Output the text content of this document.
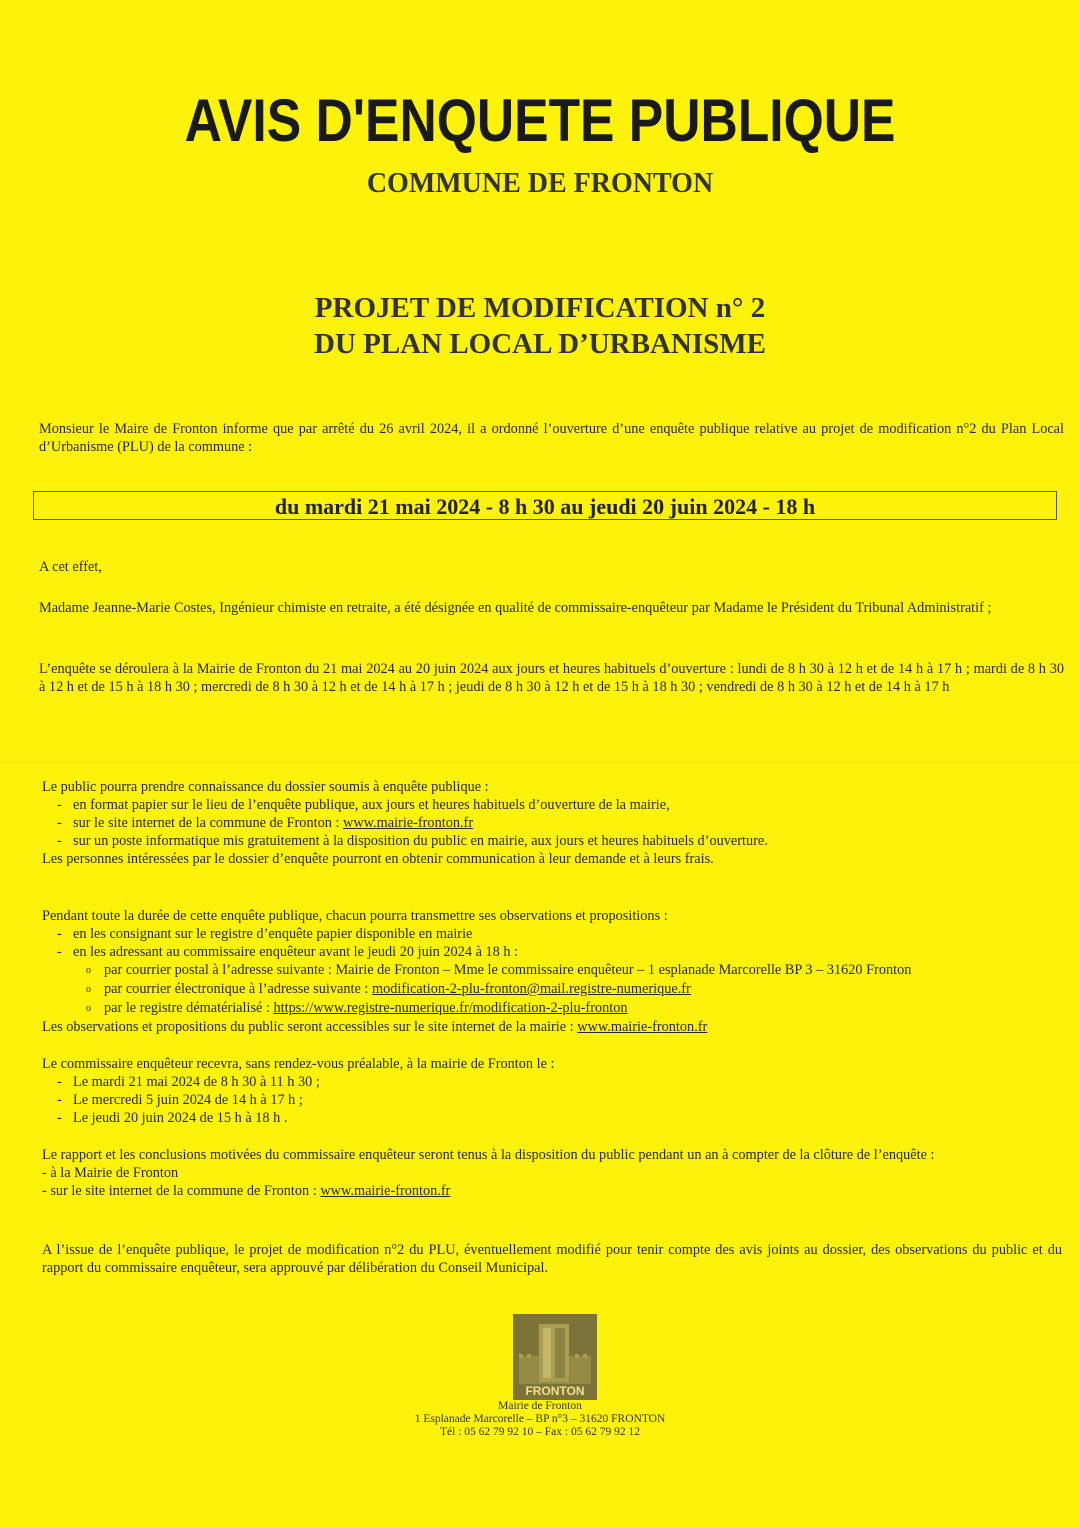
AVIS D'ENQUETE PUBLIQUE
COMMUNE DE FRONTON
PROJET DE MODIFICATION n° 2
DU PLAN LOCAL D’URBANISME
Monsieur le Maire de Fronton informe que par arrêté du 26 avril 2024, il a ordonné l’ouverture d’une enquête publique relative au projet de modification n°2 du Plan Local d’Urbanisme (PLU) de la commune :
du mardi 21 mai 2024 - 8 h 30 au jeudi 20 juin 2024 - 18 h
A cet effet,
Madame Jeanne-Marie Costes, Ingénieur chimiste en retraite, a été désignée en qualité de commissaire-enquêteur par Madame le Président du Tribunal Administratif ;
L’enquête se déroulera à la Mairie de Fronton du 21 mai 2024 au 20 juin 2024 aux jours et heures habituels d’ouverture : lundi de 8 h 30 à 12 h et de 14 h à 17 h ; mardi de 8 h 30 à 12 h et de 15 h à 18 h 30 ; mercredi de 8 h 30 à 12 h et de 14 h à 17 h ; jeudi de 8 h 30 à 12 h et de 15 h à 18 h 30 ; vendredi de 8 h 30 à 12 h et de 14 h à 17 h
Le public pourra prendre connaissance du dossier soumis à enquête publique :
- en format papier sur le lieu de l’enquête publique, aux jours et heures habituels d’ouverture de la mairie,
- sur le site internet de la commune de Fronton : www.mairie-fronton.fr
- sur un poste informatique mis gratuitement à la disposition du public en mairie, aux jours et heures habituels d’ouverture.
Les personnes intéressées par le dossier d’enquête pourront en obtenir communication à leur demande et à leurs frais.
Pendant toute la durée de cette enquête publique, chacun pourra transmettre ses observations et propositions :
- en les consignant sur le registre d’enquête papier disponible en mairie
- en les adressant au commissaire enquêteur avant le jeudi 20 juin 2024 à 18 h :
o par courrier postal à l’adresse suivante : Mairie de Fronton – Mme le commissaire enquêteur – 1 esplanade Marcorelle BP 3 – 31620 Fronton
o par courrier électronique à l’adresse suivante : modification-2-plu-fronton@mail.registre-numerique.fr
o par le registre dématérialisé : https://www.registre-numerique.fr/modification-2-plu-fronton
Les observations et propositions du public seront accessibles sur le site internet de la mairie : www.mairie-fronton.fr
Le commissaire enquêteur recevra, sans rendez-vous préalable, à la mairie de Fronton le :
- Le mardi 21 mai 2024 de 8 h 30 à 11 h 30 ;
- Le mercredi 5 juin 2024 de 14 h à 17 h ;
- Le jeudi 20 juin 2024 de 15 h à 18 h .
Le rapport et les conclusions motivées du commissaire enquêteur seront tenus à la disposition du public pendant un an à compter de la clôture de l’enquête :
- à la Mairie de Fronton
- sur le site internet de la commune de Fronton : www.mairie-fronton.fr
A l’issue de l’enquête publique, le projet de modification n°2 du PLU, éventuellement modifié pour tenir compte des avis joints au dossier, des observations du public et du rapport du commissaire enquêteur, sera approuvé par délibération du Conseil Municipal.
FRONTON
Mairie de Fronton
1 Esplanade Marcorelle – BP n°3 – 31620 FRONTON
Tél : 05 62 79 92 10 – Fax : 05 62 79 92 12
